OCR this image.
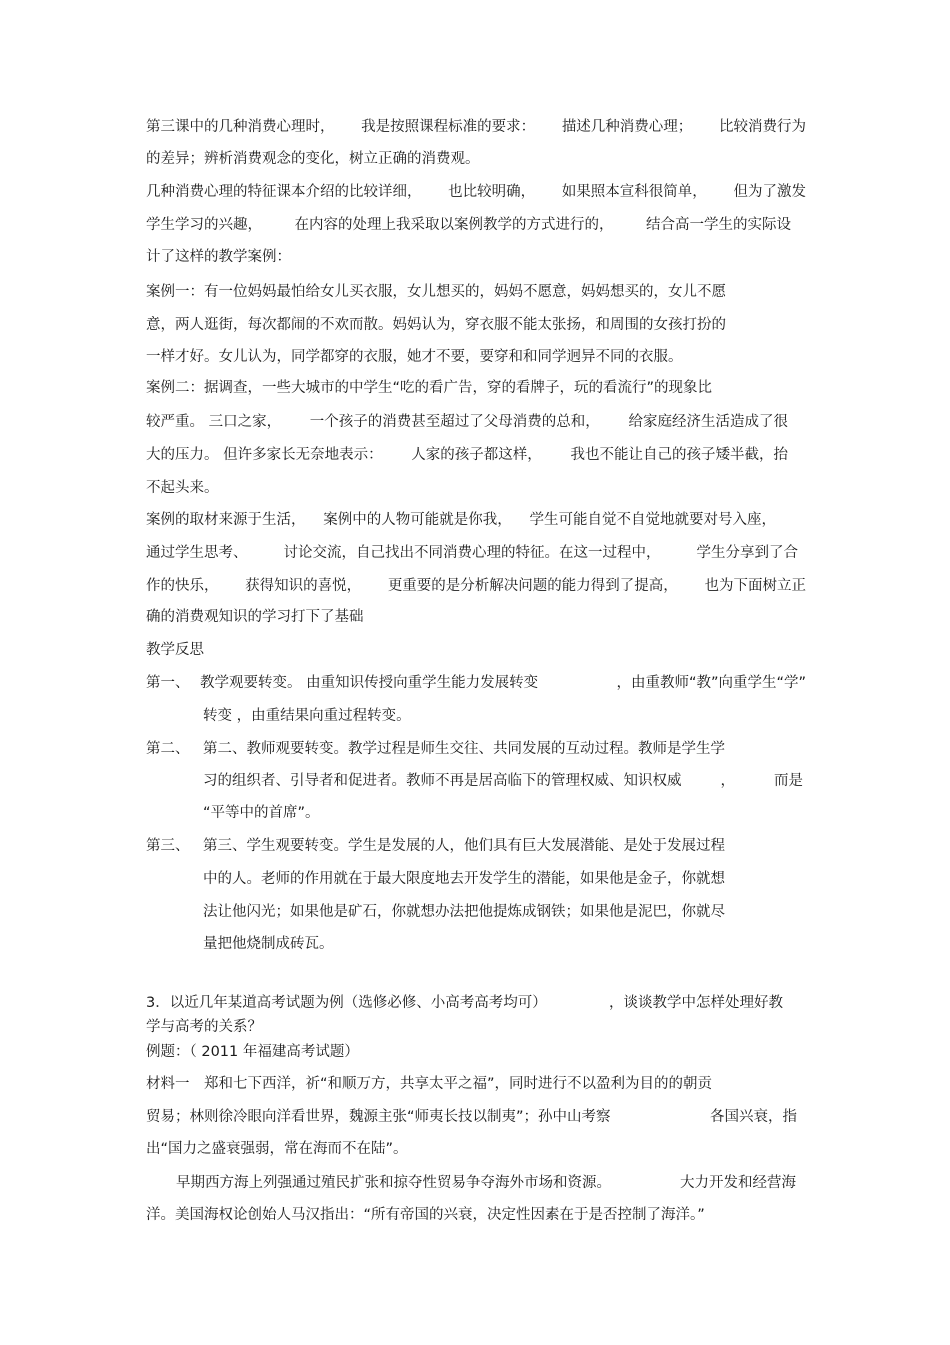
第三课中的几种消费心理时， 我是按照课程标准的要求： 描述几种消费心理； 比较消费行为
的差异；辨析消费观念的变化，树立正确的消费观。
几种消费心理的特征课本介绍的比较详细， 也比较明确， 如果照本宣科很简单， 但为了激发
学生学习的兴趣， 在内容的处理上我采取以案例教学的方式进行的， 结合高一学生的实际设
计了这样的教学案例：
案例一：有一位妈妈最怕给女儿买衣服，女儿想买的，妈妈不愿意，妈妈想买的，女儿不愿
意，两人逛街，每次都闹的不欢而散。妈妈认为，穿衣服不能太张扬，和周围的女孩打扮的
一样才好。女儿认为，同学都穿的衣服，她才不要，要穿和和同学迥异不同的衣服。
案例二：据调查，一些大城市的中学生“吃的看广告，穿的看牌子，玩的看流行”的现象比
较严重。 三口之家， 一个孩子的消费甚至超过了父母消费的总和， 给家庭经济生活造成了很
大的压力。 但许多家长无奈地表示： 人家的孩子都这样， 我也不能让自己的孩子矮半截，抬
不起头来。
案例的取材来源于生活， 案例中的人物可能就是你我， 学生可能自觉不自觉地就要对号入座，
通过学生思考、 讨论交流，自己找出不同消费心理的特征。在这一过程中， 学生分享到了合
作的快乐， 获得知识的喜悦， 更重要的是分析解决问题的能力得到了提高， 也为下面树立正
确的消费观知识的学习打下了基础
教学反思
第一、 教学观要转变。 由重知识传授向重学生能力发展转变	，由重教师“教”向重学生“学”
转变 ，由重结果向重过程转变。
第二、 第二、教师观要转变。教学过程是师生交往、共同发展的互动过程。教师是学生学
习的组织者、引导者和促进者。教师不再是居高临下的管理权威、知识权威	，	而是
“平等中的首席”。
第三、 第三、学生观要转变。学生是发展的人，他们具有巨大发展潜能、是处于发展过程
中的人。老师的作用就在于最大限度地去开发学生的潜能，如果他是金子，你就想
法让他闪光；如果他是矿石，你就想办法把他提炼成钢铁；如果他是泥巴，你就尽
量把他烧制成砖瓦。
3．以近几年某道高考试题为例（选修必修、小高考高考均可）	，谈谈教学中怎样处理好教
学与高考的关系？
例题：（ 2011 年福建高考试题）
材料一　郑和七下西洋，祈“和顺万方，共享太平之福”，同时进行不以盈利为目的的朝贡
贸易；林则徐冷眼向洋看世界，魏源主张“师夷长技以制夷”；孙中山考察	各国兴衰，指
出“国力之盛衰强弱，常在海而不在陆”。
早期西方海上列强通过殖民扩张和掠夺性贸易争夺海外市场和资源。	大力开发和经营海
洋。美国海权论创始人马汉指出：“所有帝国的兴衰，决定性因素在于是否控制了海洋。”
